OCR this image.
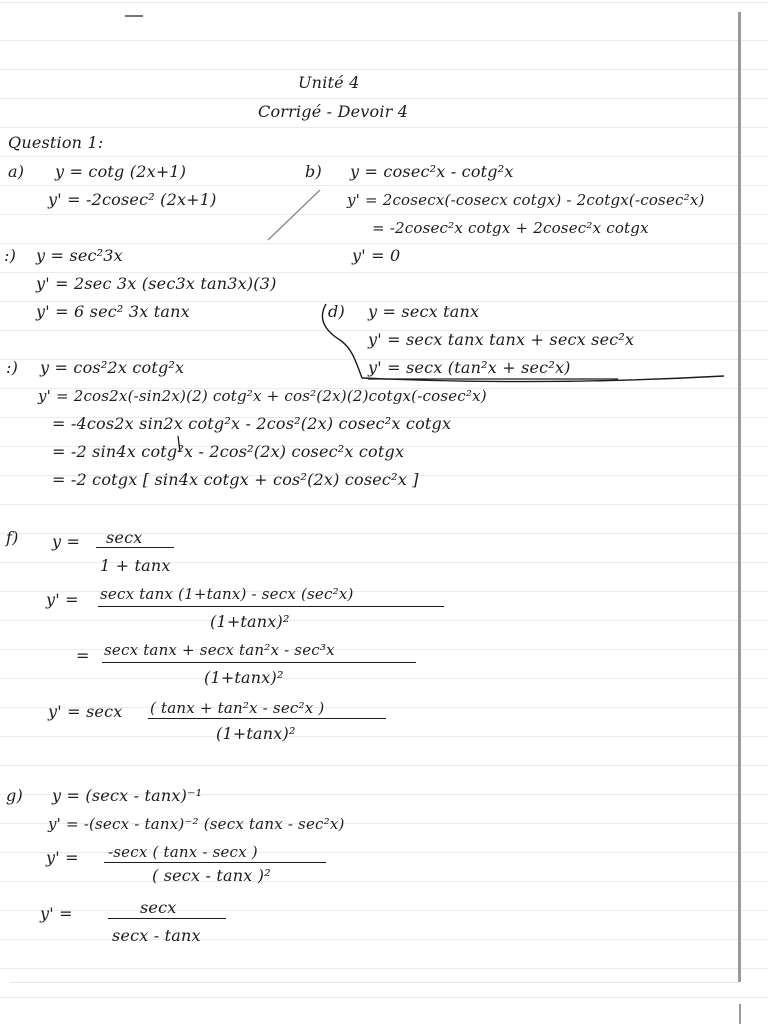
Unité 4
Corrigé - Devoir 4
Question 1:
a) y = cotg (2x+1)
y' = -2cosec² (2x+1)
b) y = cosec²x - cotg²x
y' = 2cosecx(-cosecx cotgx) - 2cotgx(-cosec²x)
= -2cosec²x cotgx + 2cosec²x cotgx
y' = 0
:) y = sec²3x
y' = 2sec 3x (sec3x tan3x)(3)
y' = 6 sec² 3x tanx	d) y = secx tanx
y' = secx tanx tanx + secx sec²x
y' = secx (tan²x + sec²x)
:) y = cos²2x cotg²x
y' = 2cos2x(-sin2x)(2) cotg²x + cos²(2x)(2)cotgx(-cosec²x)
= -4cos2x sin2x cotg²x - 2cos²(2x) cosec²x cotgx
= -2 sin4x cotg²x - 2cos²(2x) cosec²x cotgx
= -2 cotgx [ sin4x cotgx + cos²(2x) cosec²x ]
f) y = secx
1 + tanx
y' = secx tanx (1+tanx) - secx (sec²x)
(1+tanx)²
= secx tanx + secx tan²x - sec³x
(1+tanx)²
y' = secx ( tanx + tan²x - sec²x )
(1+tanx)²
g) y = (secx - tanx)⁻¹
y' = -(secx - tanx)⁻² (secx tanx - sec²x)
y' = -secx ( tanx - secx )
( secx - tanx )²
y' =	secx
secx - tanx
